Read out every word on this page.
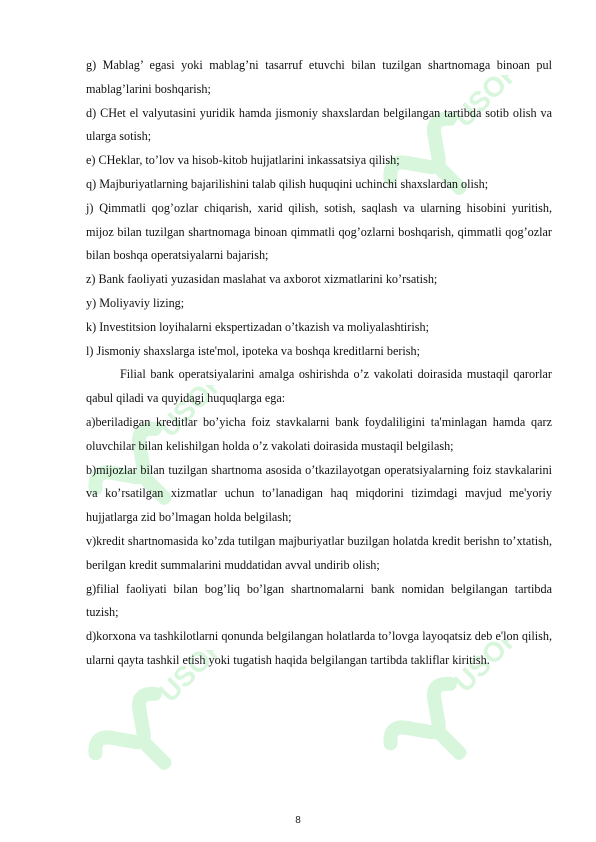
USOFT
USOFT
USOFT
USOFT

g) Mablag’ egasi yoki mablag’ni tasarruf etuvchi bilan tuzilgan shartnomaga binoan pul mablag’larini boshqarish;

d) CHet el valyutasini yuridik hamda jismoniy shaxslardan belgilangan tartibda sotib olish va ularga sotish;

e) CHeklar, to’lov va hisob-kitob hujjatlarini inkassatsiya qilish;

q) Majburiyatlarning bajarilishini talab qilish huquqini uchinchi shaxslardan olish;

j) Qimmatli qog’ozlar chiqarish, xarid qilish, sotish, saqlash va ularning hisobini yuritish, mijoz bilan tuzilgan shartnomaga binoan qimmatli qog’ozlarni boshqarish, qimmatli qog’ozlar bilan boshqa operatsiyalarni bajarish;

z) Bank faoliyati yuzasidan maslahat va axborot xizmatlarini ko’rsatish;

y) Moliyaviy lizing;

k) Investitsion loyihalarni ekspertizadan o’tkazish va moliyalashtirish;

l) Jismoniy shaxslarga iste'mol, ipoteka va boshqa kreditlarni berish;

Filial bank operatsiyalarini amalga oshirishda o’z vakolati doirasida mustaqil qarorlar qabul qiladi va quyidagi huquqlarga ega:

a)beriladigan kreditlar bo’yicha foiz stavkalarni bank foydaliligini ta'minlagan hamda qarz oluvchilar bilan kelishilgan holda o’z vakolati doirasida mustaqil belgilash;

b)mijozlar bilan tuzilgan shartnoma asosida o’tkazilayotgan operatsiyalarning foiz stavkalarini va ko’rsatilgan xizmatlar uchun to’lanadigan haq miqdorini tizimdagi mavjud me'yoriy hujjatlarga zid bo’lmagan holda belgilash;

v)kredit shartnomasida ko’zda tutilgan majburiyatlar buzilgan holatda kredit berishn to’xtatish, berilgan kredit summalarini muddatidan avval undirib olish;

g)filial faoliyati bilan bog’liq bo’lgan shartnomalarni bank nomidan belgilangan tartibda tuzish;

d)korxona va tashkilotlarni qonunda belgilangan holatlarda to’lovga layoqatsiz deb e'lon qilish, ularni qayta tashkil etish yoki tugatish haqida belgilangan tartibda takliflar kiritish.

8
